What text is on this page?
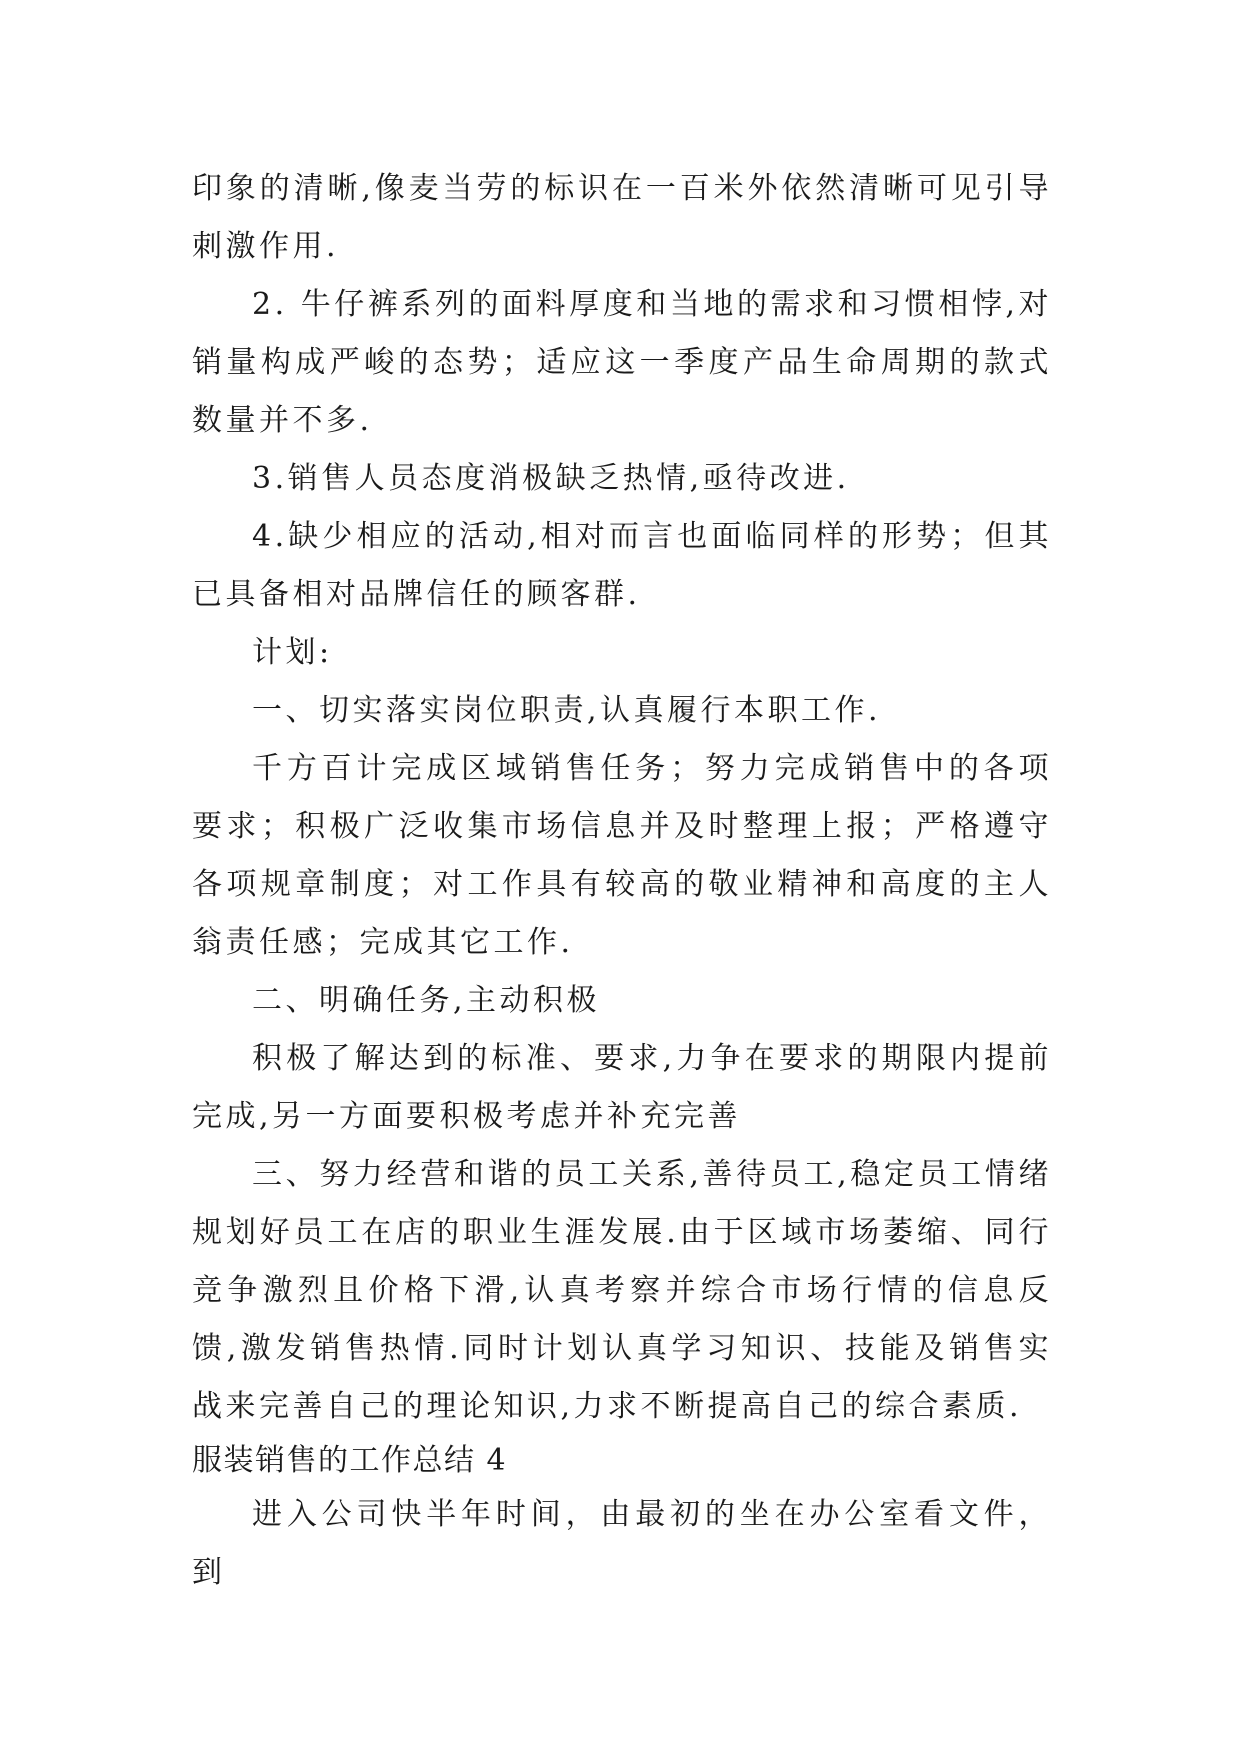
印象的清晰,像麦当劳的标识在一百米外依然清晰可见引导刺激作用.

2. 牛仔裤系列的面料厚度和当地的需求和习惯相悖,对销量构成严峻的态势；适应这一季度产品生命周期的款式数量并不多.

3.销售人员态度消极缺乏热情,亟待改进.

4.缺少相应的活动,相对而言也面临同样的形势；但其已具备相对品牌信任的顾客群.

计划:

一、切实落实岗位职责,认真履行本职工作.

千方百计完成区域销售任务；努力完成销售中的各项要求；积极广泛收集市场信息并及时整理上报；严格遵守各项规章制度；对工作具有较高的敬业精神和高度的主人翁责任感；完成其它工作.

二、明确任务,主动积极

积极了解达到的标准、要求,力争在要求的期限内提前完成,另一方面要积极考虑并补充完善

三、努力经营和谐的员工关系,善待员工,稳定员工情绪规划好员工在店的职业生涯发展.由于区域市场萎缩、同行竞争激烈且价格下滑,认真考察并综合市场行情的信息反馈,激发销售热情.同时计划认真学习知识、技能及销售实战来完善自己的理论知识,力求不断提高自己的综合素质.

服装销售的工作总结 4

进入公司快半年时间，由最初的坐在办公室看文件，到
